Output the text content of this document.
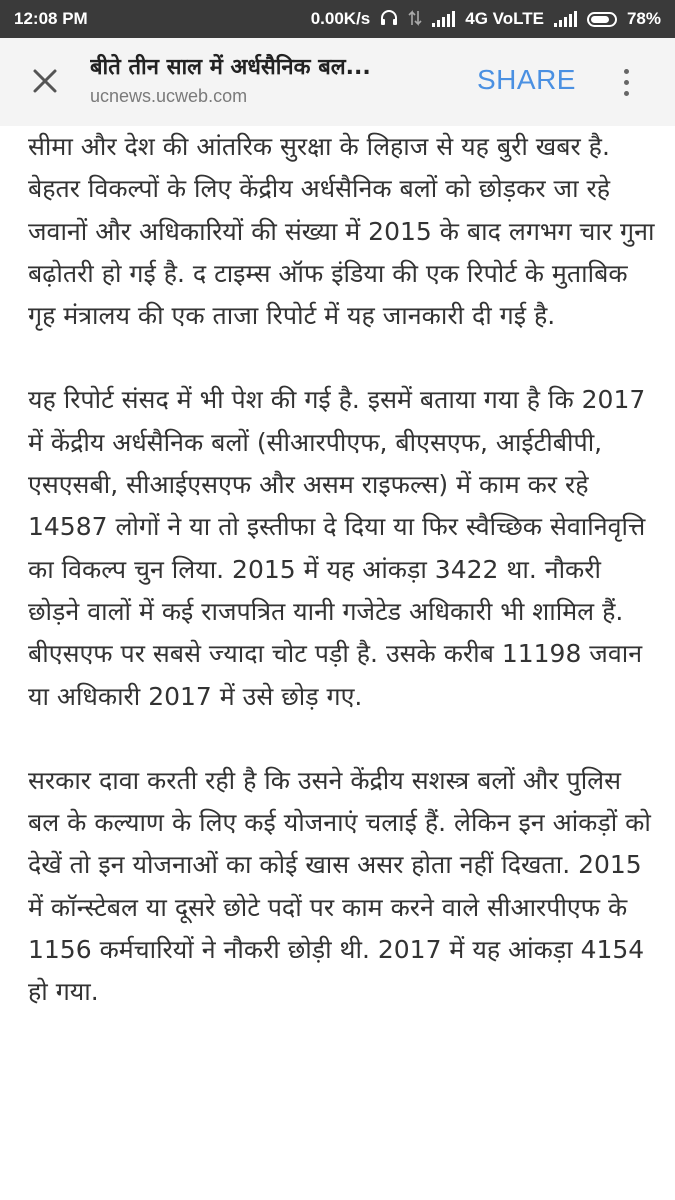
12:08 PM	0.00K/s	4G VoLTE	78%
बीते तीन साल में अर्धसैनिक बल...
ucnews.ucweb.com
SHARE

सीमा और देश की आंतरिक सुरक्षा के लिहाज से यह बुरी खबर है. बेहतर विकल्पों के लिए केंद्रीय अर्धसैनिक बलों को छोड़कर जा रहे जवानों और अधिकारियों की संख्या में 2015 के बाद लगभग चार गुना बढ़ोतरी हो गई है. द टाइम्स ऑफ इंडिया की एक रिपोर्ट के मुताबिक गृह मंत्रालय की एक ताजा रिपोर्ट में यह जानकारी दी गई है.

यह रिपोर्ट संसद में भी पेश की गई है. इसमें बताया गया है कि 2017 में केंद्रीय अर्धसैनिक बलों (सीआरपीएफ, बीएसएफ, आईटीबीपी, एसएसबी, सीआईएसएफ और असम राइफल्स) में काम कर रहे 14587 लोगों ने या तो इस्तीफा दे दिया या फिर स्वैच्छिक सेवानिवृत्ति का विकल्प चुन लिया. 2015 में यह आंकड़ा 3422 था. नौकरी छोड़ने वालों में कई राजपत्रित यानी गजेटेड अधिकारी भी शामिल हैं. बीएसएफ पर सबसे ज्यादा चोट पड़ी है. उसके करीब 11198 जवान या अधिकारी 2017 में उसे छोड़ गए.

सरकार दावा करती रही है कि उसने केंद्रीय सशस्त्र बलों और पुलिस बल के कल्याण के लिए कई योजनाएं चलाई हैं. लेकिन इन आंकड़ों को देखें तो इन योजनाओं का कोई खास असर होता नहीं दिखता. 2015 में कॉन्स्टेबल या दूसरे छोटे पदों पर काम करने वाले सीआरपीएफ के 1156 कर्मचारियों ने नौकरी छोड़ी थी. 2017 में यह आंकड़ा 4154 हो गया.
